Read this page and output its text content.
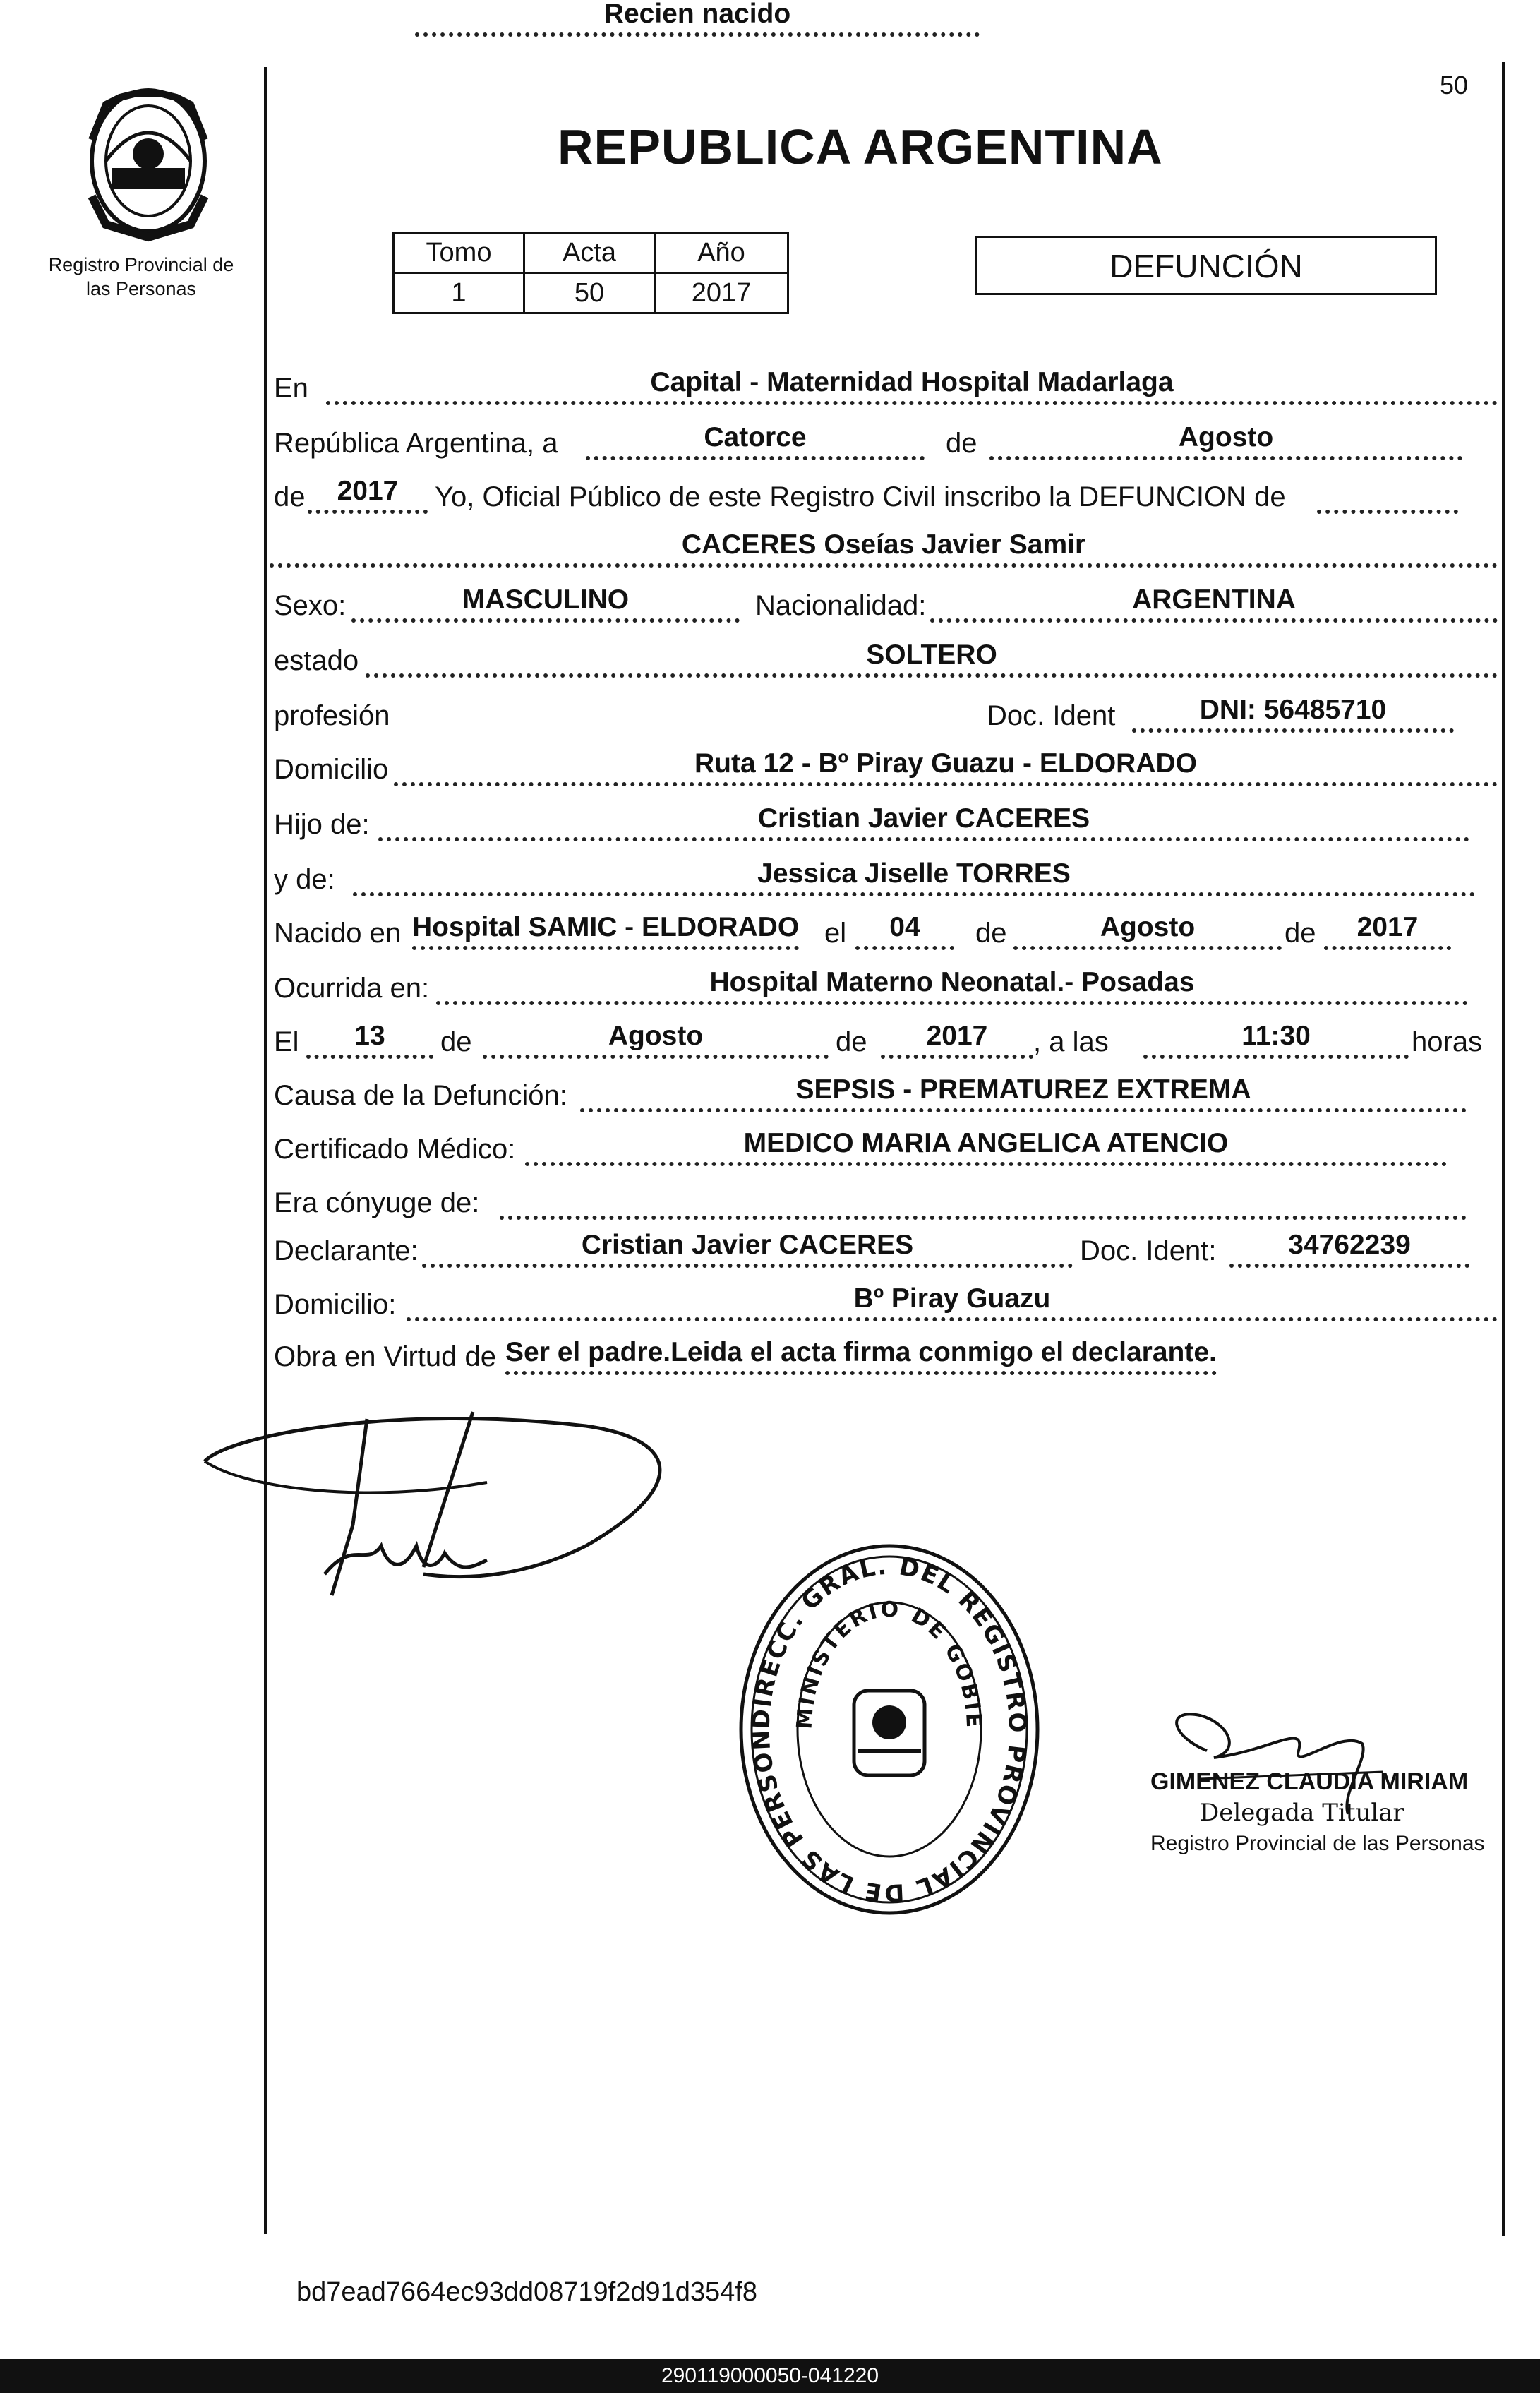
Registro Provincial de
las Personas
50
REPUBLICA ARGENTINA
Tomo	Acta	Año
1	50	2017
DEFUNCIÓN
En	Capital - Maternidad Hospital Madarlaga
República Argentina, a	Catorce	de	Agosto
de	2017	Yo, Oficial Público de este Registro Civil inscribo la DEFUNCION de
CACERES Oseías Javier Samir
Sexo:	MASCULINO	Nacionalidad:	ARGENTINA
estado	SOLTERO
profesión
Recien nacido
Doc. Ident	DNI: 56485710
Domicilio	Ruta 12 - Bº Piray Guazu - ELDORADO
Hijo de:	Cristian Javier CACERES
y de:	Jessica Jiselle TORRES
Nacido en Hospital SAMIC - ELDORADO el	04	de	Agosto	de	2017
Ocurrida en:	Hospital Materno Neonatal.- Posadas
El	13	de	Agosto	de	2017	, a las	11:30	horas
Causa de la Defunción:	SEPSIS - PREMATUREZ EXTREMA
Certificado Médico:	MEDICO MARIA ANGELICA ATENCIO
Era cónyuge de:
Declarante:	Cristian Javier CACERES	Doc. Ident:	34762239
Domicilio:	Bº Piray Guazu
Obra en Virtud de Ser el padre.Leida el acta firma conmigo el declarante.
DIRECC. GRAL. DEL REGISTRO PROVINCIAL DE LAS PERSON
MINISTERIO DE GOBIE
GIMENEZ CLAUDIA MIRIAM
Delegada Titular
Registro Provincial de las Personas
bd7ead7664ec93dd08719f2d91d354f8
290119000050-041220
